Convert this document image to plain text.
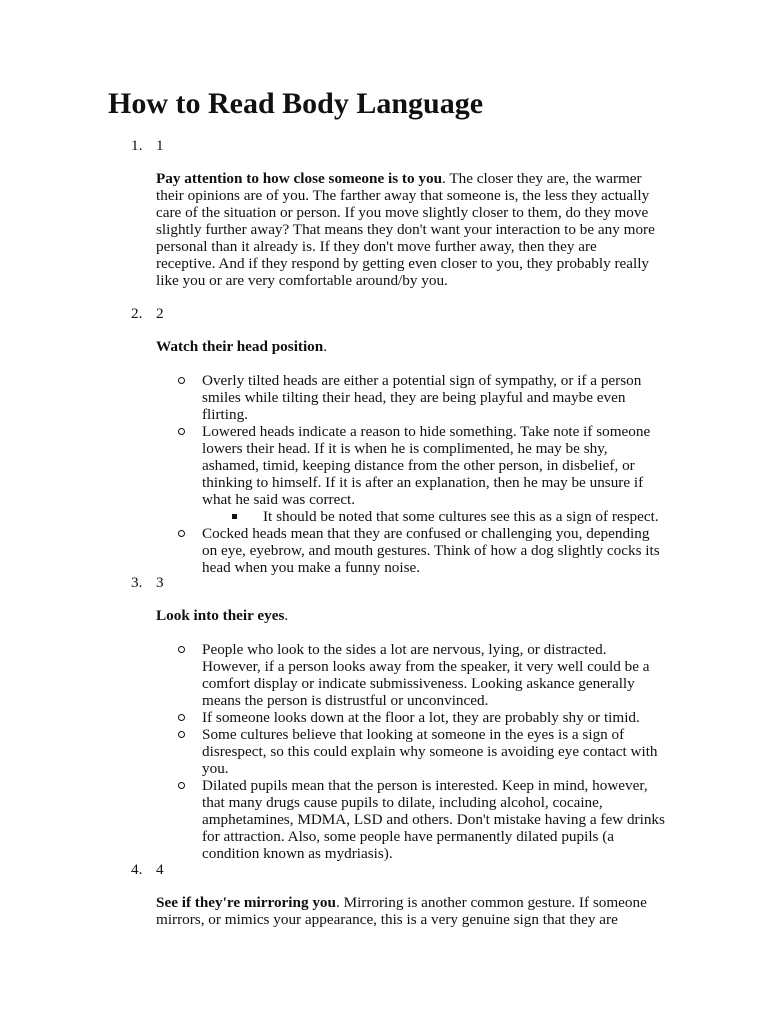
How to Read Body Language
1. 1

Pay attention to how close someone is to you. The closer they are, the warmer their opinions are of you. The farther away that someone is, the less they actually care of the situation or person. If you move slightly closer to them, do they move slightly further away? That means they don't want your interaction to be any more personal than it already is. If they don't move further away, then they are receptive. And if they respond by getting even closer to you, they probably really like you or are very comfortable around/by you.

2. 2

Watch their head position.

Overly tilted heads are either a potential sign of sympathy, or if a person smiles while tilting their head, they are being playful and maybe even flirting.
Lowered heads indicate a reason to hide something. Take note if someone lowers their head. If it is when he is complimented, he may be shy, ashamed, timid, keeping distance from the other person, in disbelief, or thinking to himself. If it is after an explanation, then he may be unsure if what he said was correct.
It should be noted that some cultures see this as a sign of respect.
Cocked heads mean that they are confused or challenging you, depending on eye, eyebrow, and mouth gestures. Think of how a dog slightly cocks its head when you make a funny noise.
3. 3

Look into their eyes.

People who look to the sides a lot are nervous, lying, or distracted. However, if a person looks away from the speaker, it very well could be a comfort display or indicate submissiveness. Looking askance generally means the person is distrustful or unconvinced.
If someone looks down at the floor a lot, they are probably shy or timid.
Some cultures believe that looking at someone in the eyes is a sign of disrespect, so this could explain why someone is avoiding eye contact with you.
Dilated pupils mean that the person is interested. Keep in mind, however, that many drugs cause pupils to dilate, including alcohol, cocaine, amphetamines, MDMA, LSD and others. Don't mistake having a few drinks for attraction. Also, some people have permanently dilated pupils (a condition known as mydriasis).
4. 4

See if they're mirroring you. Mirroring is another common gesture. If someone mirrors, or mimics your appearance, this is a very genuine sign that they are
